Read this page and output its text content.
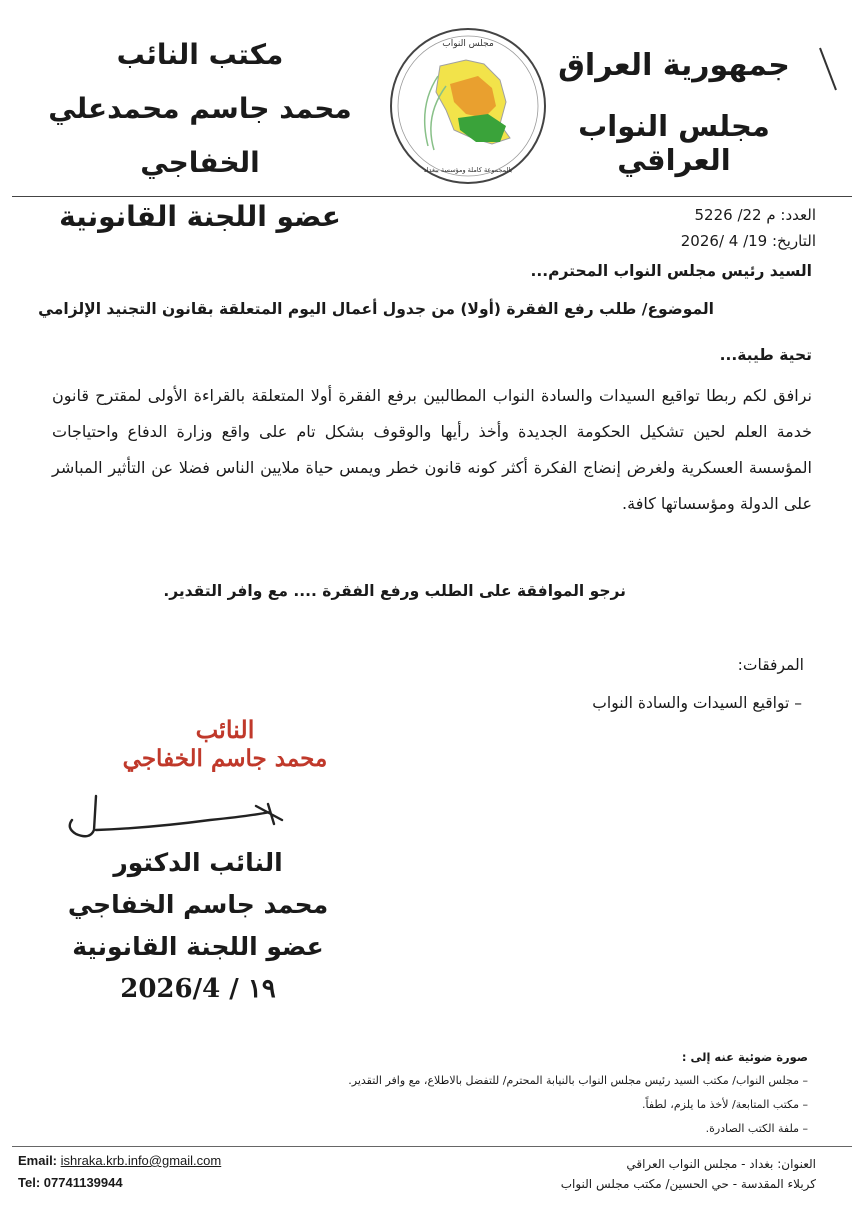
جمهورية العراق
مجلس النواب العراقي
مجلس النواب
بالمجموعة كاملة ومؤسسة ببغداد
مكتب النائب
محمد جاسم محمدعلي الخفاجي
عضو اللجنة القانونية	العدد: م 22/ 5226
التاريخ: 19/ 4 /2026
السيد رئيس مجلس النواب المحترم...
الموضوع/ طلب رفع الفقرة (أولا) من جدول أعمال اليوم المتعلقة بقانون التجنيد الإلزامي
تحية طيبة...
نرافق لكم ربطا تواقيع السيدات والسادة النواب المطالبين برفع الفقرة أولا المتعلقة بالقراءة الأولى لمقترح قانون خدمة العلم لحين تشكيل الحكومة الجديدة وأخذ رأيها والوقوف بشكل تام على واقع وزارة الدفاع واحتياجات المؤسسة العسكرية ولغرض إنضاج الفكرة أكثر كونه قانون خطر ويمس حياة ملايين الناس فضلا عن التأثير المباشر على الدولة ومؤسساتها كافة.
نرجو الموافقة على الطلب ورفع الفقرة .... مع وافر التقدير.
المرفقات:
– تواقيع السيدات والسادة النواب
النائب
محمد جاسم الخفاجي
النائب الدكتور
محمد جاسم الخفاجي
عضو اللجنة القانونية
2026/4 / ١٩
صورة ضوئية عنه إلى :
– مجلس النواب/ مكتب السيد رئيس مجلس النواب بالنيابة المحترم/ للتفضل بالاطلاع، مع وافر التقدير.
– مكتب المتابعة/ لأخذ ما يلزم، لطفاً.
– ملفة الكتب الصادرة.
العنوان: بغداد - مجلس النواب العراقي
كربلاء المقدسة - حي الحسين/ مكتب مجلس النواب
Email: ishraka.krb.info@gmail.com
Tel: 07741139944
